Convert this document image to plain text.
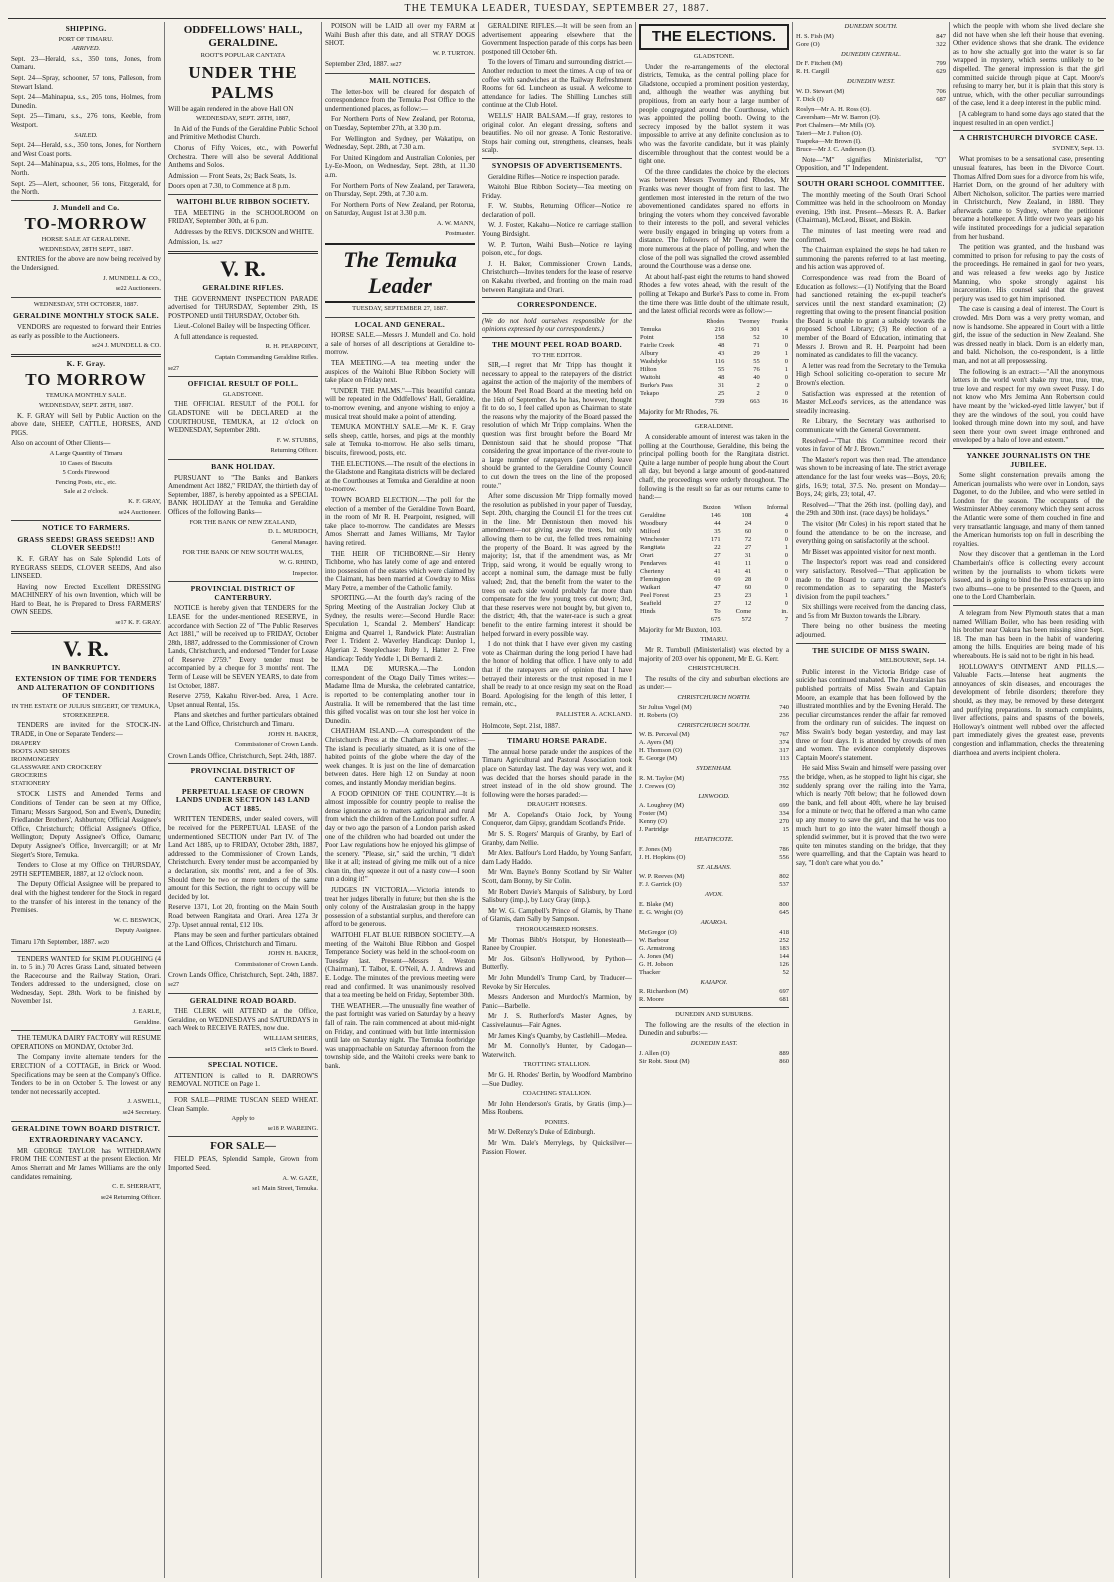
THE TEMUKA LEADER, TUESDAY, SEPTEMBER 27, 1887.
SHIPPING.
PORT OF TIMARU.
ARRIVED.

Sept. 23—Herald, s.s., 350 tons, Jones, from Oamaru.

Sept. 24—Spray, schooner, 57 tons, Palleson, from Stewart Island.

Sept. 24—Mahinapua, s.s., 205 tons, Holmes, from Dunedin.

Sept. 25—Timaru, s.s., 276 tons, Keeble, from Westport.

SAILED.

Sept. 24—Herald, s.s., 350 tons, Jones, for Northern and West Coast ports.

Sept. 24—Mahinapua, s.s., 205 tons, Holmes, for the North.

Sept. 25—Alert, schooner, 56 tons, Fitzgerald, for the North.

J. Mundell and Co.
TO-MORROW
HORSE SALE AT GERALDINE.
WEDNESDAY, 28TH SEPT., 1887.

ENTRIES for the above are now being received by the Undersigned.

J. MUNDELL & CO.,
se22 Auctioneers.
WEDNESDAY, 5TH OCTOBER, 1887.
GERALDINE MONTHLY STOCK SALE.

VENDORS are requested to forward their Entries as early as possible to the Auctioneers.

se24 J. MUNDELL & CO.
K. F. Gray.
TO MORROW
TEMUKA MONTHLY SALE.
WEDNESDAY, SEPT. 28TH, 1887.

K. F. GRAY will Sell by Public Auction on the above date, SHEEP, CATTLE, HORSES, AND PIGS.

Also on account of Other Clients—

A Large Quantity of Timaru
10 Cases of Biscuits
5 Cords Firewood
Fencing Posts, etc., etc.
Sale at 2 o'clock.
K. F. GRAY,
se24 Auctioneer.
NOTICE TO FARMERS.
GRASS SEEDS! GRASS SEEDS!! AND CLOVER SEEDS!!!

K. F. GRAY has on Sale Splendid Lots of RYEGRASS SEEDS, CLOVER SEEDS, And also LINSEED.

Having now Erected Excellent DRESSING MACHINERY of his own Invention, which will be Hard to Beat, he is Prepared to Dress FARMERS' OWN SEEDS.

se17 K. F. GRAY.
V. R.
IN BANKRUPTCY.
EXTENSION OF TIME FOR TENDERS AND ALTERATION OF CONDITIONS OF TENDER.
IN THE ESTATE OF JULIUS SIEGERT, OF TEMUKA, STOREKEEPER.

TENDERS are invited for the STOCK-IN-TRADE, in One or Separate Tenders:—

DRAPERY
BOOTS AND SHOES
IRONMONGERY
GLASSWARE AND CROCKERY
GROCERIES
STATIONERY

STOCK LISTS and Amended Terms and Conditions of Tender can be seen at my Office, Timaru; Messrs Sargood, Son and Ewen's, Dunedin; Friedlander Brothers', Ashburton; Official Assignee's Office, Christchurch; Official Assignee's Office, Wellington; Deputy Assignee's Office, Oamaru; Deputy Assignee's Office, Invercargill; or at Mr Siegert's Store, Temuka.

Tenders to Close at my Office on THURSDAY, 29TH SEPTEMBER, 1887, at 12 o'clock noon.

The Deputy Official Assignee will be prepared to deal with the highest tenderer for the Stock in regard to the transfer of his interest in the tenancy of the Premises.

W. C. BESWICK,
Deputy Assignee.

Timaru 17th September, 1887. se20

TENDERS WANTED for SKIM PLOUGHING (4 in. to 5 in.) 70 Acres Grass Land, situated between the Racecourse and the Railway Station, Orari. Tenders addressed to the undersigned, close on Wednesday, Sept. 28th. Work to be finished by November 1st.

J. EARLE,
Geraldine.

THE TEMUKA DAIRY FACTORY will RESUME OPERATIONS on MONDAY, October 3rd.

The Company invite alternate tenders for the ERECTION of a COTTAGE, in Brick or Wood. Specifications may be seen at the Company's Office. Tenders to be in on October 5. The lowest or any tender not necessarily accepted.

J. ASWELL,
se24 Secretary.
GERALDINE TOWN BOARD DISTRICT.
EXTRAORDINARY VACANCY.

MR GEORGE TAYLOR has WITHDRAWN FROM THE CONTEST at the present Election. Mr Amos Sherratt and Mr James Williams are the only candidates remaining.

C. E. SHERRATT,
se24 Returning Officer.
ODDFELLOWS' HALL, GERALDINE.
ROOT'S POPULAR CANTATA
UNDER THE PALMS

Will be again rendered in the above Hall ON

WEDNESDAY, SEPT. 28TH, 1887,

In Aid of the Funds of the Geraldine Public School and Primitive Methodist Church.

Chorus of Fifty Voices, etc., with Powerful Orchestra. There will also be several Additional Anthems and Solos.

Admission — Front Seats, 2s; Back Seats, 1s.

Doors open at 7.30, to Commence at 8 p.m.

WAITOHI BLUE RIBBON SOCIETY.

TEA MEETING in the SCHOOLROOM on FRIDAY, September 30th, at 6 p.m.

Addresses by the REVS. DICKSON and WHITE.

Admission, 1s. se27

V. R.
GERALDINE RIFLES.

THE GOVERNMENT INSPECTION PARADE advertised for THURSDAY, September 29th, IS POSTPONED until THURSDAY, October 6th.

Lieut.-Colonel Bailey will be Inspecting Officer.

A full attendance is requested.

R. H. PEARPOINT,
Captain Commanding Geraldine Rifles.

se27

OFFICIAL RESULT OF POLL.
GLADSTONE.

THE OFFICIAL RESULT of the POLL for GLADSTONE will be DECLARED at the COURTHOUSE, TEMUKA, at 12 o'clock on WEDNESDAY, September 28th.

F. W. STUBBS,
Returning Officer.
BANK HOLIDAY.

PURSUANT to "The Banks and Bankers Amendment Act 1882," FRIDAY, the thirtieth day of September, 1887, is hereby appointed as a SPECIAL BANK HOLIDAY at the Temuka and Geraldine Offices of the following Banks—

FOR THE BANK OF NEW ZEALAND,
D. L. MURDOCH,
General Manager.
FOR THE BANK OF NEW SOUTH WALES,
W. G. RHIND,
Inspector.
PROVINCIAL DISTRICT OF CANTERBURY.

NOTICE is hereby given that TENDERS for the LEASE for the under-mentioned RESERVE, in accordance with Section 22 of "The Public Reserves Act 1881," will be received up to FRIDAY, October 28th, 1887, addressed to the Commissioner of Crown Lands, Christchurch, and endorsed "Tender for Lease of Reserve 2759." Every tender must be accompanied by a cheque for 3 months' rent. The Term of Lease will be SEVEN YEARS, to date from 1st October, 1887.

Reserve 2759, Kakahu River-bed. Area, 1 Acre. Upset annual Rental, 15s.

Plans and sketches and further particulars obtained at the Land Office, Christchurch and Timaru.

JOHN H. BAKER,
Commissioner of Crown Lands.

Crown Lands Office, Christchurch, Sept. 24th, 1887.

PROVINCIAL DISTRICT OF CANTERBURY.
PERPETUAL LEASE OF CROWN LANDS UNDER SECTION 143 LAND ACT 1885.

WRITTEN TENDERS, under sealed covers, will be received for the PERPETUAL LEASE of the undermentioned SECTION under Part IV. of The Land Act 1885, up to FRIDAY, October 28th, 1887, addressed to the Commissioner of Crown Lands, Christchurch. Every tender must be accompanied by a declaration, six months' rent, and a fee of 30s. Should there be two or more tenders of the same amount for this Section, the right to occupy will be decided by lot.

Reserve 1371, Lot 20, fronting on the Main South Road between Rangitata and Orari. Area 127a 3r 27p. Upset annual rental, £12 10s.

Plans may be seen and further particulars obtained at the Land Offices, Christchurch and Timaru.

JOHN H. BAKER,
Commissioner of Crown Lands.

Crown Lands Office, Christchurch, Sept. 24th, 1887. se27

GERALDINE ROAD BOARD.

THE CLERK will ATTEND at the Office, Geraldine, on WEDNESDAYS and SATURDAYS in each Week to RECEIVE RATES, now due.

WILLIAM SHIERS,
se15 Clerk to Board.
SPECIAL NOTICE.

ATTENTION is called to R. DARROW'S REMOVAL NOTICE on Page 1.

FOR SALE—PRIME TUSCAN SEED WHEAT. Clean Sample.

Apply to
se18 P. WAREING.
FOR SALE—

FIELD PEAS, Splendid Sample, Grown from Imported Seed.

A. W. GAZE,
se1 Main Street, Temuka.

POISON will be LAID all over my FARM at Waihi Bush after this date, and all STRAY DOGS SHOT.

W. P. TURTON.

September 23rd, 1887. se27

MAIL NOTICES.

The letter-box will be cleared for despatch of correspondence from the Temuka Post Office to the undermentioned places, as follow:—

For Northern Ports of New Zealand, per Rotorua, on Tuesday, September 27th, at 3.30 p.m.

For Wellington and Sydney, per Wakatipu, on Wednesday, Sept. 28th, at 7.30 a.m.

For United Kingdom and Australian Colonies, per Ly-Ee-Moon, on Wednesday, Sept. 28th, at 11.30 a.m.

For Northern Ports of New Zealand, per Tarawera, on Thursday, Sept. 29th, at 7.30 a.m.

For Northern Ports of New Zealand, per Rotorua, on Saturday, August 1st at 3.30 p.m.

A. W. MANN,
Postmaster.
The Temuka Leader
TUESDAY, SEPTEMBER 27, 1887.
LOCAL AND GENERAL.

HORSE SALE.—Messrs J. Mundell and Co. hold a sale of horses of all descriptions at Geraldine to-morrow.

TEA MEETING.—A tea meeting under the auspices of the Waitohi Blue Ribbon Society will take place on Friday next.

"UNDER THE PALMS."—This beautiful cantata will be repeated in the Oddfellows' Hall, Geraldine, to-morrow evening, and anyone wishing to enjoy a musical treat should make a point of attending.

TEMUKA MONTHLY SALE.—Mr K. F. Gray sells sheep, cattle, horses, and pigs at the monthly sale at Temuka to-morrow. He also sells timaru, biscuits, firewood, posts, etc.

THE ELECTIONS.—The result of the elections in the Gladstone and Rangitata districts will be declared at the Courthouses at Temuka and Geraldine at noon to-morrow.

TOWN BOARD ELECTION.—The poll for the election of a member of the Geraldine Town Board, in the room of Mr R. H. Pearpoint, resigned, will take place to-morrow. The candidates are Messrs Amos Sherratt and James Williams, Mr Taylor having retired.

THE HEIR OF TICHBORNE.—Sir Henry Tichborne, who has lately come of age and entered into possession of the estates which were claimed by the Claimant, has been married at Cowdray to Miss Mary Petre, a member of the Catholic family.

SPORTING.—At the fourth day's racing of the Spring Meeting of the Australian Jockey Club at Sydney, the results were:—Second Hurdle Race: Speculation 1, Scandal 2. Members' Handicap: Enigma and Quarrel 1, Randwick Plate: Australian Peer 1. Trident 2. Waverley Handicap: Dunlop 1, Algerian 2. Steeplechase: Ruby 1, Hatter 2. Free Handicap: Teddy Yeddle 1, Di Bernardi 2.

ILMA DE MURSKA.—The London correspondent of the Otago Daily Times writes:—Madame Ilma de Murska, the celebrated cantatrice, is reported to be contemplating another tour in Australia. It will be remembered that the last time this gifted vocalist was on tour she lost her voice in Dunedin.

CHATHAM ISLAND.—A correspondent of the Christchurch Press at the Chatham Island writes:—The island is peculiarly situated, as it is one of the habited points of the globe where the day of the week changes. It is just on the line of demarcation between dates. Here high 12 on Sunday at noon comes, and instantly Monday meridian begins.

A FOOD OPINION OF THE COUNTRY.—It is almost impossible for country people to realise the dense ignorance as to matters agricultural and rural from which the children of the London poor suffer. A day or two ago the parson of a London parish asked one of the children who had boarded out under the Poor Law regulations how he enjoyed his glimpse of the scenery. "Please, sir," said the urchin, "I didn't like it at all; instead of giving me milk out of a nice clean tin, they squeeze it out of a nasty cow—I soon run a doing it!"

JUDGES IN VICTORIA.—Victoria intends to treat her judges liberally in future; but then she is the only colony of the Australasian group in the happy possession of a substantial surplus, and therefore can afford to be generous.

WAITOHI FLAT BLUE RIBBON SOCIETY.—A meeting of the Waitohi Blue Ribbon and Gospel Temperance Society was held in the school-room on Tuesday last. Present—Messrs J. Weston (Chairman), T. Talbot, E. O'Neil, A. J. Andrews and E. Lodge. The minutes of the previous meeting were read and confirmed. It was unanimously resolved that a tea meeting be held on Friday, September 30th.

THE WEATHER.—The unusually fine weather of the past fortnight was varied on Saturday by a heavy fall of rain. The rain commenced at about mid-night on Friday, and continued with but little intermission until late on Saturday night. The Temuka footbridge was unapproachable on Saturday afternoon from the township side, and the Waitohi creeks were bank to bank.

GERALDINE RIFLES.—It will be seen from an advertisement appearing elsewhere that the Government Inspection parade of this corps has been postponed till October 6th.

To the lovers of Timaru and surrounding district.—Another reduction to meet the times. A cup of tea or coffee with sandwiches at the Railway Refreshment Rooms for 6d. Luncheon as usual. A welcome to attendance for ladies. The Shilling Lunches still continue at the Club Hotel.

WELLS' HAIR BALSAM.—If gray, restores to original color. An elegant dressing, softens and beautifies. No oil nor grease. A Tonic Restorative. Stops hair coming out, strengthens, cleanses, heals scalp.

SYNOPSIS OF ADVERTISEMENTS.

Geraldine Rifles—Notice re inspection parade.

Waitohi Blue Ribbon Society—Tea meeting on Friday.

F. W. Stubbs, Returning Officer—Notice re declaration of poll.

W. J. Foster, Kakahu—Notice re carriage stallion Young Birdsight.

W. P. Turton, Waihi Bush—Notice re laying poison, etc., for dogs.

J. H. Baker, Commissioner Crown Lands, Christchurch—Invites tenders for the lease of reserve on Kakahu riverbed, and fronting on the main road between Rangitata and Orari.

CORRESPONDENCE.

(We do not hold ourselves responsible for the opinions expressed by our correspondents.)

THE MOUNT PEEL ROAD BOARD.
TO THE EDITOR.

SIR,—I regret that Mr Tripp has thought it necessary to appeal to the ratepayers of the district against the action of the majority of the members of the Mount Peel Road Board at the meeting held on the 16th of September. As he has, however, thought fit to do so, I feel called upon as Chairman to state the reasons why the majority of the Board passed the resolution of which Mr Tripp complains. When the question was first brought before the Board Mr Dennistoun said that he should propose "That considering the great importance of the river-route to a large number of ratepayers (and others) leave should be granted to the Geraldine County Council to cut down the trees on the line of the proposed route."

After some discussion Mr Tripp formally moved the resolution as published in your paper of Tuesday, Sept. 20th, charging the Council £1 for the trees cut in the line. Mr Dennistoun then moved his amendment—not giving away the trees, but only allowing them to be cut, the felled trees remaining the property of the Board. It was agreed by the majority; 1st, that if the amendment was, as Mr Tripp, said wrong, it would be equally wrong to accept a nominal sum, the damage must be fully valued; 2nd, that the benefit from the water to the trees on each side would probably far more than compensate for the few young trees cut down; 3rd, that these reserves were not bought by, but given to, the district; 4th, that the water-race is such a great benefit to the entire farming interest it should be helped forward in every possible way.

I do not think that I have ever given my casting vote as Chairman during the long period I have had the honor of holding that office. I have only to add that if the ratepayers are of opinion that I have betrayed their interests or the trust reposed in me I shall be ready to at once resign my seat on the Road Board. Apologising for the length of this letter, I remain, etc.,

PALLISTER A. ACKLAND.

Holmcote, Sept. 21st, 1887.

TIMARU HORSE PARADE.

The annual horse parade under the auspices of the Timaru Agricultural and Pastoral Association took place on Saturday last. The day was very wet, and it was decided that the horses should parade in the street instead of in the old show ground. The following were the horses paraded:—

DRAUGHT HORSES.

Mr A. Copeland's Otaio Jock, by Young Conqueror, dam Gipsy, granddam Scotland's Pride.

Mr S. S. Rogers' Marquis of Granby, by Earl of Granby, dam Nellie.

Mr Alex. Balfour's Lord Haddo, by Young Sanfarr, dam Lady Haddo.

Mr Wm. Bayne's Bonny Scotland by Sir Walter Scott, dam Bonny, by Sir Colin.

Mr Robert Davie's Marquis of Salisbury, by Lord Salisbury (imp.), by Lucy Gray (imp.).

Mr W. G. Campbell's Prince of Glamis, by Thane of Glamis, dam Sally by Sampson.

THOROUGHBRED HORSES.

Mr Thomas Bibb's Hotspur, by Honesteath—Ranee by Croupier.

Mr Jos. Gibson's Hollywood, by Python—Butterfly.

Mr John Mundell's Trump Card, by Traducer—Revoke by Sir Hercules.

Messrs Anderson and Murdoch's Marmion, by Panic—Barbelle.

Mr J. S. Rutherford's Master Agnes, by Cassivelaunus—Fair Agnes.

Mr James King's Quamby, by Castlehill—Medea.

Mr M. Connolly's Hunter, by Cadogan—Waterwitch.

TROTTING STALLION.

Mr G. H. Rhodes' Berlin, by Woodford Mambrino—Sue Dudley.

COACHING STALLION.

Mr John Henderson's Gratis, by Gratis (imp.)—Miss Roubens.

PONIES.

Mr W. DeRenzy's Duke of Edinburgh.

Mr Wm. Dale's Merrylegs, by Quicksilver—Passion Flower.

THE ELECTIONS.
GLADSTONE.

Under the re-arrangements of the electoral districts, Temuka, as the central polling place for Gladstone, occupied a prominent position yesterday, and, although the weather was anything but propitious, from an early hour a large number of people congregated around the Courthouse, which was appointed the polling booth. Owing to the secrecy imposed by the ballot system it was impossible to arrive at any definite conclusion as to who was the favorite candidate, but it was plainly discernible throughout that the contest would be a tight one.

Of the three candidates the choice by the electors was between Messrs Twomey and Rhodes, Mr Franks was never thought of from first to last. The gentlemen most interested in the return of the two abovementioned candidates spared no efforts in bringing the voters whom they conceived favorable to their interests to the poll, and several vehicles were busily engaged in bringing up voters from a distance. The followers of Mr Twomey were the more numerous at the place of polling, and when the close of the poll was signalled the crowd assembled around the Courthouse was a dense one.

At about half-past eight the returns to hand showed Rhodes a few votes ahead, with the result of the polling at Tekapo and Burke's Pass to come in. From the time there was little doubt of the ultimate result, and the latest official records were as follow:—

	Rhodes	Twomey	Franks
Temuka	216	301	4
Point	158	52	10
Fairlie Creek	48	71	0
Albury	43	29	1
Washdyke	116	55	0
Hilton	55	76	1
Waitohi	48	40	0
Burke's Pass	31	2	0
Tekapo	25	2	0
	739	663	16

Majority for Mr Rhodes, 76.

GERALDINE.

A considerable amount of interest was taken in the polling at the Courthouse, Geraldine, this being the principal polling booth for the Rangitata district. Quite a large number of people hung about the Court all day, but beyond a large amount of good-natured chaff, the proceedings were orderly throughout. The following is the result so far as our returns came to hand:—

	Buxton	Wilson	Informal
Geraldine	146	108	4
Woodbury	44	24	0
Milford	35	60	0
Winchester	171	72	0
Rangitata	22	27	1
Orari	27	31	0
Pendarves	41	11	0
Cherteny	41	41	0
Flemington	69	28	0
Waikari	47	60	0
Peel Forest	23	23	1
Seafield	27	12	0
Hinds	To	Come	in.
	675	572	7

Majority for Mr Buxton, 103.

TIMARU.

Mr R. Turnbull (Ministerialist) was elected by a majority of 203 over his opponent, Mr E. G. Kerr.

CHRISTCHURCH.

The results of the city and suburban elections are as under:—

CHRISTCHURCH NORTH.
Sir Julius Vogel (M)	740
H. Roberts (O)	236
CHRISTCHURCH SOUTH.
W. B. Perceval (M)	767
A. Ayers (M)	374
H. Thomson (O)	317
E. George (M)	113
SYDENHAM.
R. M. Taylor (M)	755
J. Crewes (O)	392
LINWOOD.
A. Loughrey (M)	699
Foster (M)	334
Kenny (O)	270
J. Partridge	15
HEATHCOTE.
F. Jones (M)	786
J. H. Hopkins (O)	556
ST. ALBANS.
W. P. Reeves (M)	802
F. J. Garrick (O)	537
AVON.
E. Blake (M)	800
E. G. Wright (O)	645
AKAROA.
McGregor (O)	418
W. Barbour	252
G. Armstrong	183
A. Jones (M)	144
G. H. Jobson	126
Thacker	52
KAIAPOI.
R. Richardson (M)	697
R. Moore	681
DUNEDIN AND SUBURBS.

The following are the results of the election in Dunedin and suburbs:—

DUNEDIN EAST.
J. Allen (O)	889
Sir Robt. Stout (M)	860
DUNEDIN SOUTH.
H. S. Fish (M)	847
Gore (O)	322
DUNEDIN CENTRAL.
Dr F. Fitchett (M)	799
R. H. Cargill	629
DUNEDIN WEST.
W. D. Stewart (M)	706
T. Dick (I)	687
Roslyn—Mr A. H. Ross (O).
Caversham—Mr W. Barron (O).
Port Chalmers—Mr Mills (O).
Taieri—Mr J. Fulton (O).
Tuapeka—Mr Brown (I).
Bruce—Mr J. C. Anderson (I).

Note—"M" signifies Ministerialist, "O" Opposition, and "I" Independent.

SOUTH ORARI SCHOOL COMMITTEE.

The monthly meeting of the South Orari School Committee was held in the schoolroom on Monday evening, 19th inst. Present—Messrs R. A. Barker (Chairman), McLeod, Bisset, and Biskin.

The minutes of last meeting were read and confirmed.

The Chairman explained the steps he had taken re summoning the parents referred to at last meeting, and his action was approved of.

Correspondence was read from the Board of Education as follows:—(1) Notifying that the Board had sanctioned retaining the ex-pupil teacher's services until the next standard examination; (2) regretting that owing to the present financial position the Board is unable to grant a subsidy towards the proposed School Library; (3) Re election of a member of the Board of Education, intimating that Messrs J. Brown and R. H. Pearpoint had been nominated as candidates to fill the vacancy.

A letter was read from the Secretary to the Temuka High School soliciting co-operation to secure Mr Brown's election.

Satisfaction was expressed at the retention of Master McLeod's services, as the attendance was steadily increasing.

Re Library, the Secretary was authorised to communicate with the General Government.

Resolved—"That this Committee record their votes in favor of Mr J. Brown."

The Master's report was then read. The attendance was shown to be increasing of late. The strict average attendance for the last four weeks was—Boys, 20.6; girls, 16.9; total, 37.5. No. present on Monday—Boys, 24; girls, 23; total, 47.

Resolved—"That the 26th inst. (polling day), and the 29th and 30th inst. (race days) be holidays."

The visitor (Mr Coles) in his report stated that he found the attendance to be on the increase, and everything going on satisfactorily at the school.

Mr Bisset was appointed visitor for next month.

The Inspector's report was read and considered very satisfactory. Resolved—"That application be made to the Board to carry out the Inspector's recommendation as to separating the Master's division from the pupil teachers."

Six shillings were received from the dancing class, and 5s from Mr Buxton towards the Library.

There being no other business the meeting adjourned.

THE SUICIDE OF MISS SWAIN.
MELBOURNE, Sept. 14.

Public interest in the Victoria Bridge case of suicide has continued unabated. The Australasian has published portraits of Miss Swain and Captain Moore, an example that has been followed by the illustrated monthlies and by the Evening Herald. The peculiar circumstances render the affair far removed from the ordinary run of suicides. The inquest on Miss Swain's body began yesterday, and may last three or four days. It is attended by crowds of men and women. The evidence completely disproves Captain Moore's statement.

He said Miss Swain and himself were passing over the bridge, when, as he stopped to light his cigar, she suddenly sprang over the railing into the Yarra, which is nearly 70ft below; that he followed down the bank, and fell about 40ft, where he lay bruised for a minute or two; that he offered a man who came up any money to save the girl, and that he was too much hurt to go into the water himself though a splendid swimmer, but it is proved that the two were quite ten minutes standing on the bridge, that they were quarrelling, and that the Captain was heard to say, "I don't care what you do."

which the people with whom she lived declare she did not have when she left their house that evening. Other evidence shows that she drank. The evidence as to how she actually got into the water is so far wrapped in mystery, which seems unlikely to be dispelled. The general impression is that the girl committed suicide through pique at Capt. Moore's refusing to marry her, but it is plain that this story is untrue, which, with the other peculiar surroundings of the case, lend it a deep interest in the public mind.

[A cablegram to hand some days ago stated that the inquest resulted in an open verdict.]

A CHRISTCHURCH DIVORCE CASE.
SYDNEY, Sept. 13.

What promises to be a sensational case, presenting unusual features, has been in the Divorce Court. Thomas Alfred Dorn sues for a divorce from his wife, Harriet Dorn, on the ground of her adultery with Albert Nicholson, solicitor. The parties were married in Christchurch, New Zealand, in 1880. They afterwards came to Sydney, where the petitioner became a hotelkeeper. A little over two years ago his wife instituted proceedings for a judicial separation from her husband.

The petition was granted, and the husband was committed to prison for refusing to pay the costs of the proceedings. He remained in gaol for two years, and was released a few weeks ago by Justice Manning, who spoke strongly against his incarceration. His counsel said that the gravest perjury was used to get him imprisoned.

The case is causing a deal of interest. The Court is crowded. Mrs Dorn was a very pretty woman, and now is handsome. She appeared in Court with a little girl, the issue of the seduction in New Zealand. She was dressed neatly in black. Dorn is an elderly man, and bald. Nicholson, the co-respondent, is a little man, and not at all prepossessing.

The following is an extract:—"All the anonymous letters in the world won't shake my true, true, true, true love and respect for my own sweet Pussy. I do not know who Mrs Jemima Ann Robertson could have meant by the 'wicked-eyed little lawyer,' but if they are the windows of the soul, you could have looked through mine down into my soul, and have seen there your own sweet image enthroned and enveloped by a halo of love and esteem."

YANKEE JOURNALISTS ON THE JUBILEE.

Some slight consternation prevails among the American journalists who were over in London, says Dagonet, to do the Jubilee, and who were settled in London for the season. The occupants of the Westminster Abbey ceremony which they sent across the Atlantic were some of them couched in fine and very transatlantic language, and many of them tanned the American humorists top on full in describing the royalties.

Now they discover that a gentleman in the Lord Chamberlain's office is collecting every account written by the journalists to whom tickets were issued, and is going to bind the Press extracts up into two albums—one to be presented to the Queen, and one to the Lord Chamberlain.

A telegram from New Plymouth states that a man named William Boiler, who has been residing with his brother near Oakura has been missing since Sept. 18. The man has been in the habit of wandering among the hills. Enquiries are being made of his whereabouts. He is said not to be right in his head.

HOLLOWAY'S OINTMENT AND PILLS.—Valuable Facts.—Intense heat augments the annoyances of skin diseases, and encourages the development of febrile disorders; therefore they should, as they may, be removed by these detergent and purifying preparations. In stomach complaints, liver affections, pains and spasms of the bowels, Holloway's ointment well rubbed over the affected part immediately gives the greatest ease, prevents congestion and inflammation, checks the threatening diarrhoea and averts incipient cholera.
